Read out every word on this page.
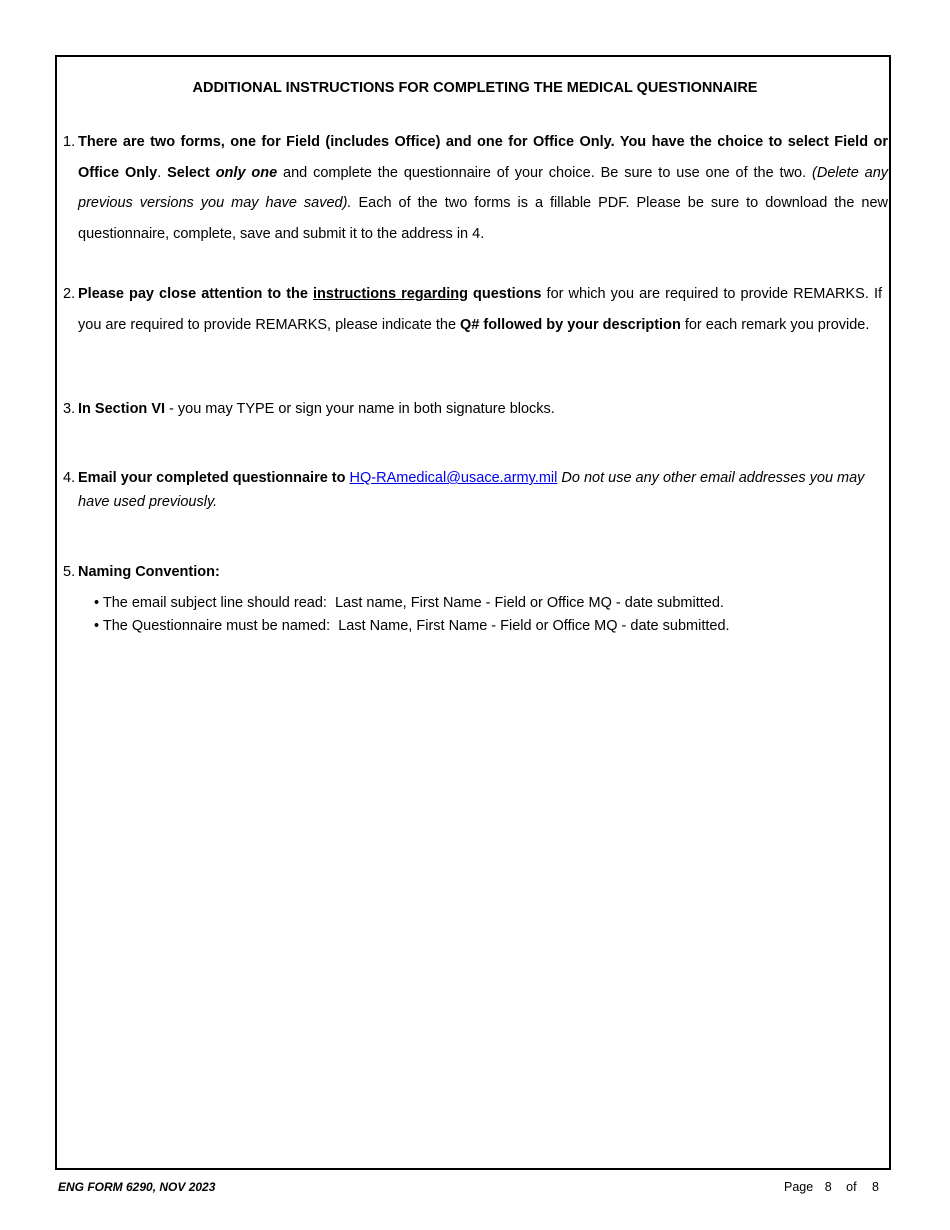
ADDITIONAL INSTRUCTIONS FOR COMPLETING THE MEDICAL QUESTIONNAIRE
1. There are two forms, one for Field (includes Office) and one for Office Only. You have the choice to select Field or Office Only. Select only one and complete the questionnaire of your choice. Be sure to use one of the two. (Delete any previous versions you may have saved). Each of the two forms is a fillable PDF. Please be sure to download the new questionnaire, complete, save and submit it to the address in 4.
2. Please pay close attention to the instructions regarding questions for which you are required to provide REMARKS. If you are required to provide REMARKS, please indicate the Q# followed by your description for each remark you provide.
3. In Section VI - you may TYPE or sign your name in both signature blocks.
4. Email your completed questionnaire to HQ-RAmedical@usace.army.mil Do not use any other email addresses you may have used previously.
5. Naming Convention:
• The email subject line should read:  Last name, First Name - Field or Office MQ - date submitted.
• The Questionnaire must be named:  Last Name, First Name - Field or Office MQ - date submitted.
ENG FORM 6290, NOV 2023	Page 8 of 8
